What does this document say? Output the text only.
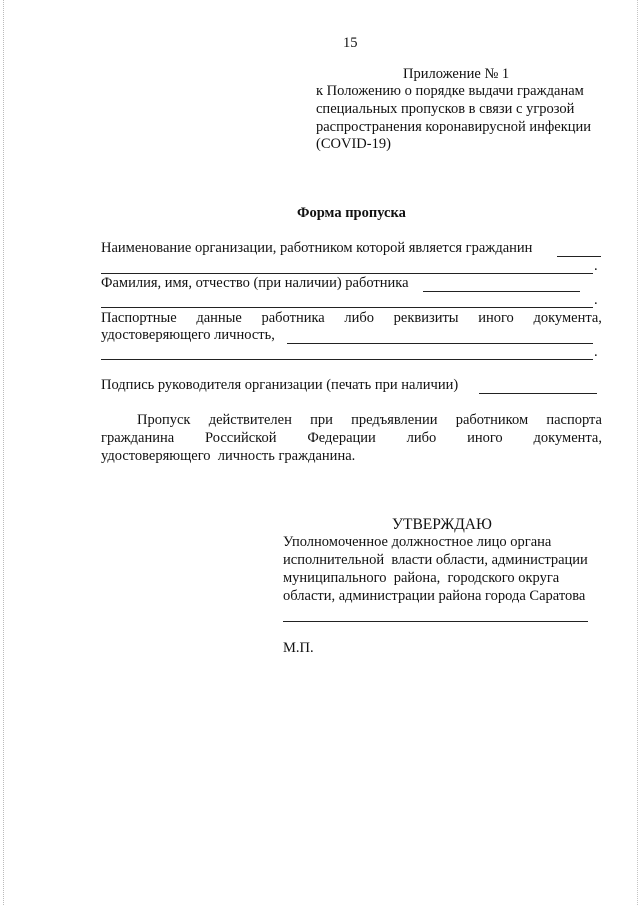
15
Приложение № 1
к Положению о порядке выдачи гражданам
специальных пропусков в связи с угрозой
распространения коронавирусной инфекции
(COVID-19)
Форма пропуска
Наименование организации, работником которой является гражданин
.
Фамилия, имя, отчество (при наличии) работника
.
Паспортные данные работника либо реквизиты иного документа,
удостоверяющего личность,
.
Подпись руководителя организации (печать при наличии)
Пропуск действителен при предъявлении работником паспорта
гражданина Российской Федерации либо иного документа,
удостоверяющего  личность гражданина.
УТВЕРЖДАЮ
Уполномоченное должностное лицо органа
исполнительной  власти области, администрации
муниципального  района,  городского округа
области, администрации района города Саратова
М.П.
